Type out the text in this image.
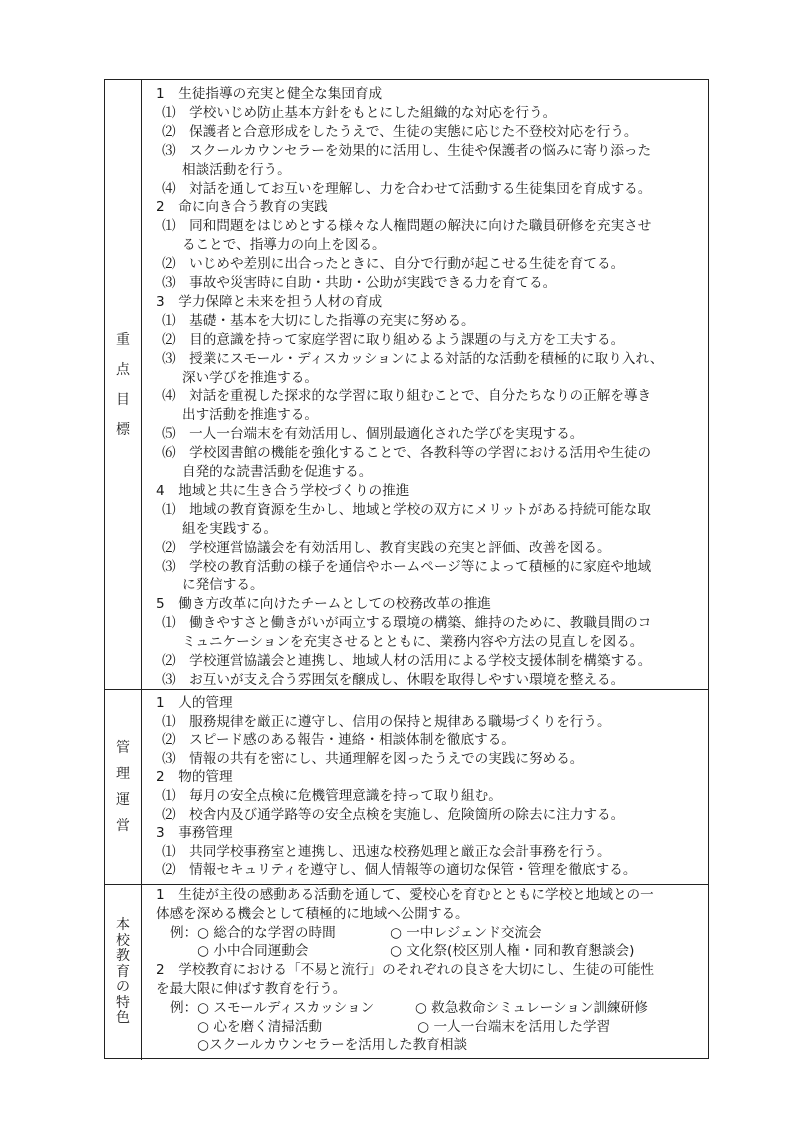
重
点
目
標
1　生徒指導の充実と健全な集団育成
⑴　学校いじめ防止基本方針をもとにした組織的な対応を行う。
⑵　保護者と合意形成をしたうえで、生徒の実態に応じた不登校対応を行う。
⑶　スクールカウンセラーを効果的に活用し、生徒や保護者の悩みに寄り添った
相談活動を行う。
⑷　対話を通してお互いを理解し、力を合わせて活動する生徒集団を育成する。
2　命に向き合う教育の実践
⑴　同和問題をはじめとする様々な人権問題の解決に向けた職員研修を充実させ
ることで、指導力の向上を図る。
⑵　いじめや差別に出合ったときに、自分で行動が起こせる生徒を育てる。
⑶　事故や災害時に自助・共助・公助が実践できる力を育てる。
3　学力保障と未来を担う人材の育成
⑴　基礎・基本を大切にした指導の充実に努める。
⑵　目的意識を持って家庭学習に取り組めるよう課題の与え方を工夫する。
⑶　授業にスモール・ディスカッションによる対話的な活動を積極的に取り入れ、
深い学びを推進する。
⑷　対話を重視した探求的な学習に取り組むことで、自分たちなりの正解を導き
出す活動を推進する。
⑸　一人一台端末を有効活用し、個別最適化された学びを実現する。
⑹　学校図書館の機能を強化することで、各教科等の学習における活用や生徒の
自発的な読書活動を促進する。
4　地域と共に生き合う学校づくりの推進
⑴　地域の教育資源を生かし、地域と学校の双方にメリットがある持続可能な取
組を実践する。
⑵　学校運営協議会を有効活用し、教育実践の充実と評価、改善を図る。
⑶　学校の教育活動の様子を通信やホームページ等によって積極的に家庭や地域
に発信する。
5　働き方改革に向けたチームとしての校務改革の推進
⑴　働きやすさと働きがいが両立する環境の構築、維持のために、教職員間のコ
ミュニケーションを充実させるとともに、業務内容や方法の見直しを図る。
⑵　学校運営協議会と連携し、地域人材の活用による学校支援体制を構築する。
⑶　お互いが支え合う雰囲気を醸成し、休暇を取得しやすい環境を整える。
管
理
運
営
1　人的管理
⑴　服務規律を厳正に遵守し、信用の保持と規律ある職場づくりを行う。
⑵　スピード感のある報告・連絡・相談体制を徹底する。
⑶　情報の共有を密にし、共通理解を図ったうえでの実践に努める。
2　物的管理
⑴　毎月の安全点検に危機管理意識を持って取り組む。
⑵　校舎内及び通学路等の安全点検を実施し、危険箇所の除去に注力する。
3　事務管理
⑴　共同学校事務室と連携し、迅速な校務処理と厳正な会計事務を行う。
⑵　情報セキュリティを遵守し、個人情報等の適切な保管・管理を徹底する。
本
校
教
育
の
特
色
1　生徒が主役の感動ある活動を通して、愛校心を育むとともに学校と地域との一
体感を深める機会として積極的に地域へ公開する。
例：○ 総合的な学習の時間　　　　○ 一中レジェンド交流会
　　○ 小中合同運動会　　　　　　○ 文化祭(校区別人権・同和教育懇談会)
2　学校教育における「不易と流行」のそれぞれの良さを大切にし、生徒の可能性
を最大限に伸ばす教育を行う。
例：○ スモールディスカッション　　　○ 救急救命シミュレーション訓練研修
　　○ 心を磨く清掃活動　　　　　　　○ 一人一台端末を活用した学習
　　○スクールカウンセラーを活用した教育相談
